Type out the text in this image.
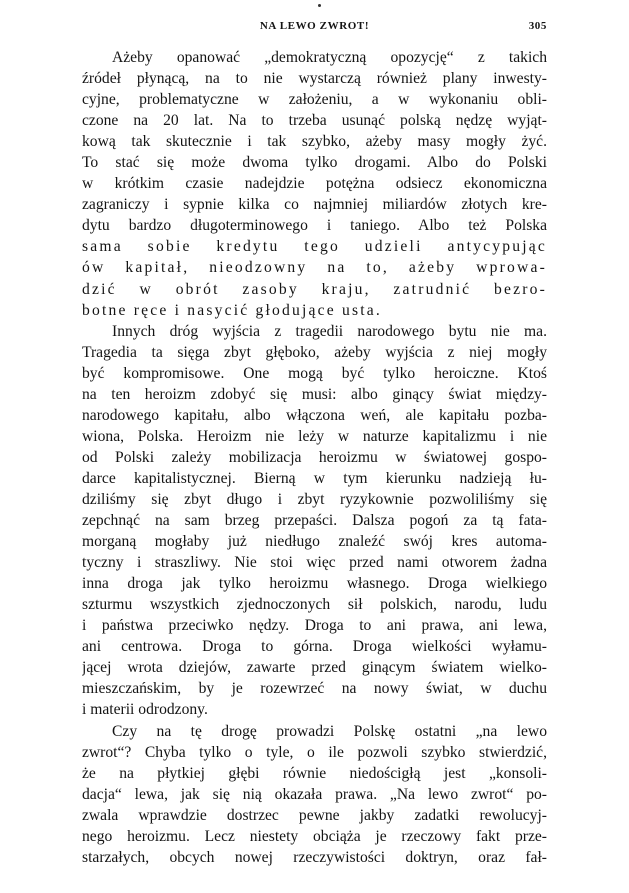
NA LEWO ZWROT!	305
Ażeby opanować „demokratyczną opozycję“ z takich
źródeł płynącą, na to nie wystarczą również plany inwesty-
cyjne, problematyczne w założeniu, a w wykonaniu obli-
czone na 20 lat. Na to trzeba usunąć polską nędzę wyjąt-
kową tak skutecznie i tak szybko, ażeby masy mogły żyć.
To stać się może dwoma tylko drogami. Albo do Polski
w krótkim czasie nadejdzie potężna odsiecz ekonomiczna
zagraniczy i sypnie kilka co najmniej miliardów złotych kre-
dytu bardzo długoterminowego i taniego. Albo też Polska
sama sobie kredytu tego udzieli antycypując
ów kapitał, nieodzowny na to, ażeby wprowa-
dzić w obrót zasoby kraju, zatrudnić bezro-
botne ręce i nasycić głodujące usta.
Innych dróg wyjścia z tragedii narodowego bytu nie ma.
Tragedia ta sięga zbyt głęboko, ażeby wyjścia z niej mogły
być kompromisowe. One mogą być tylko heroiczne. Ktoś
na ten heroizm zdobyć się musi: albo ginący świat między-
narodowego kapitału, albo włączona weń, ale kapitału pozba-
wiona, Polska. Heroizm nie leży w naturze kapitalizmu i nie
od Polski zależy mobilizacja heroizmu w światowej gospo-
darce kapitalistycznej. Bierną w tym kierunku nadzieją łu-
dziliśmy się zbyt długo i zbyt ryzykownie pozwoliliśmy się
zepchnąć na sam brzeg przepaści. Dalsza pogoń za tą fata-
morganą mogłaby już niedługo znaleźć swój kres automa-
tyczny i straszliwy. Nie stoi więc przed nami otworem żadna
inna droga jak tylko heroizmu własnego. Droga wielkiego
szturmu wszystkich zjednoczonych sił polskich, narodu, ludu
i państwa przeciwko nędzy. Droga to ani prawa, ani lewa,
ani centrowa. Droga to górna. Droga wielkości wyłamu-
jącej wrota dziejów, zawarte przed ginącym światem wielko-
mieszczańskim, by je rozewrzeć na nowy świat, w duchu
i materii odrodzony.
Czy na tę drogę prowadzi Polskę ostatni „na lewo
zwrot“? Chyba tylko o tyle, o ile pozwoli szybko stwierdzić,
że na płytkiej głębi równie niedościgłą jest „konsoli-
dacja“ lewa, jak się nią okazała prawa. „Na lewo zwrot“ po-
zwala wprawdzie dostrzec pewne jakby zadatki rewolucyj-
nego heroizmu. Lecz niestety obciąża je rzeczowy fakt prze-
starzałych, obcych nowej rzeczywistości doktryn, oraz fał-
